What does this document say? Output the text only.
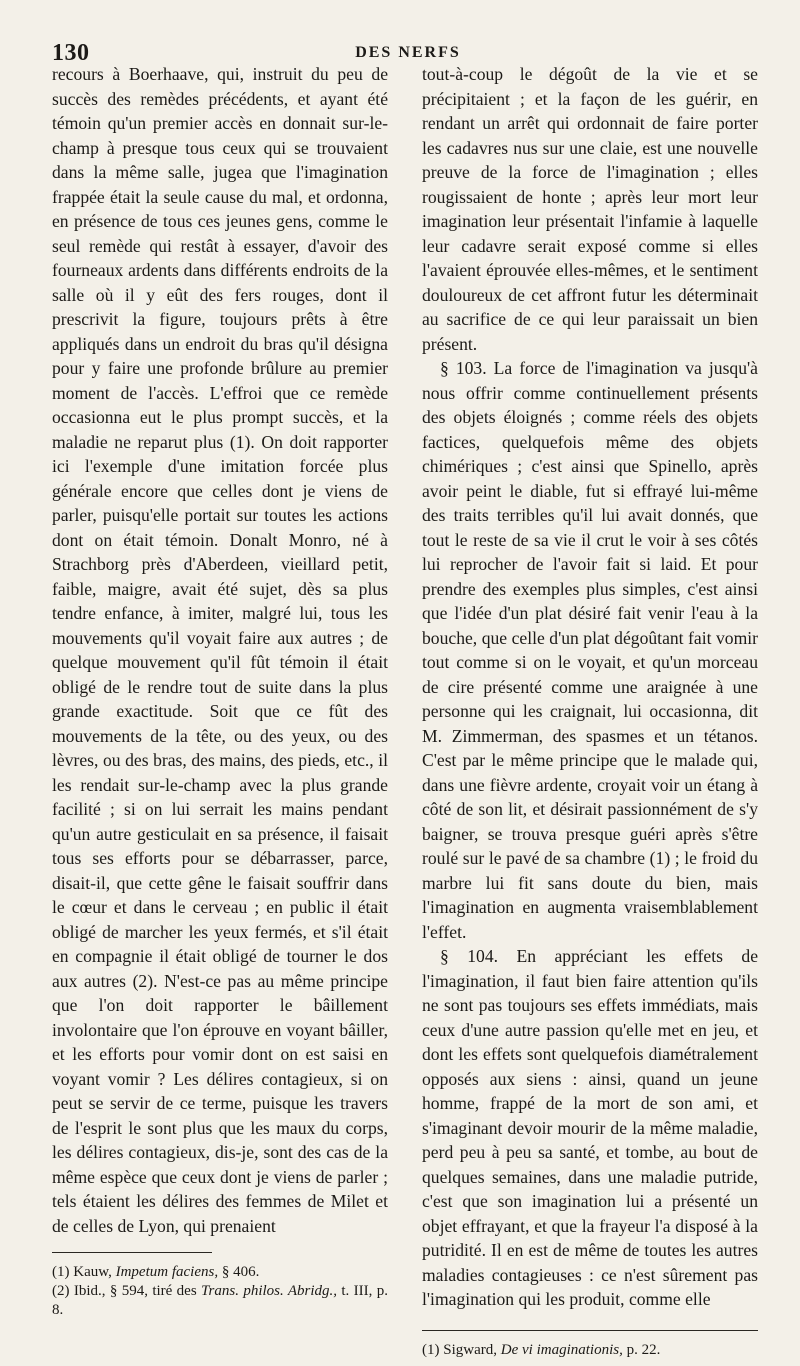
130	DES NERFS

recours à Boerhaave, qui, instruit du peu de succès des remèdes précédents, et ayant été témoin qu'un premier accès en donnait sur-le-champ à presque tous ceux qui se trouvaient dans la même salle, jugea que l'imagination frappée était la seule cause du mal, et ordonna, en présence de tous ces jeunes gens, comme le seul remède qui restât à essayer, d'avoir des fourneaux ardents dans différents endroits de la salle où il y eût des fers rouges, dont il prescrivit la figure, toujours prêts à être appliqués dans un endroit du bras qu'il désigna pour y faire une profonde brûlure au premier moment de l'accès. L'effroi que ce remède occasionna eut le plus prompt succès, et la maladie ne reparut plus (1). On doit rapporter ici l'exemple d'une imitation forcée plus générale encore que celles dont je viens de parler, puisqu'elle portait sur toutes les actions dont on était témoin. Donalt Monro, né à Strachborg près d'Aberdeen, vieillard petit, faible, maigre, avait été sujet, dès sa plus tendre enfance, à imiter, malgré lui, tous les mouvements qu'il voyait faire aux autres ; de quelque mouvement qu'il fût témoin il était obligé de le rendre tout de suite dans la plus grande exactitude. Soit que ce fût des mouvements de la tête, ou des yeux, ou des lèvres, ou des bras, des mains, des pieds, etc., il les rendait sur-le-champ avec la plus grande facilité ; si on lui serrait les mains pendant qu'un autre gesticulait en sa présence, il faisait tous ses efforts pour se débarrasser, parce, disait-il, que cette gêne le faisait souffrir dans le cœur et dans le cerveau ; en public il était obligé de marcher les yeux fermés, et s'il était en compagnie il était obligé de tourner le dos aux autres (2). N'est-ce pas au même principe que l'on doit rapporter le bâillement involontaire que l'on éprouve en voyant bâiller, et les efforts pour vomir dont on est saisi en voyant vomir ? Les délires contagieux, si on peut se servir de ce terme, puisque les travers de l'esprit le sont plus que les maux du corps, les délires contagieux, dis-je, sont des cas de la même espèce que ceux dont je viens de parler ; tels étaient les délires des femmes de Milet et de celles de Lyon, qui prenaient

(1) Kauw, Impetum faciens, § 406.

(2) Ibid., § 594, tiré des Trans. philos. Abridg., t. III, p. 8.

tout-à-coup le dégoût de la vie et se précipitaient ; et la façon de les guérir, en rendant un arrêt qui ordonnait de faire porter les cadavres nus sur une claie, est une nouvelle preuve de la force de l'imagination ; elles rougissaient de honte ; après leur mort leur imagination leur présentait l'infamie à laquelle leur cadavre serait exposé comme si elles l'avaient éprouvée elles-mêmes, et le sentiment douloureux de cet affront futur les déterminait au sacrifice de ce qui leur paraissait un bien présent.

§ 103. La force de l'imagination va jusqu'à nous offrir comme continuellement présents des objets éloignés ; comme réels des objets factices, quelquefois même des objets chimériques ; c'est ainsi que Spinello, après avoir peint le diable, fut si effrayé lui-même des traits terribles qu'il lui avait donnés, que tout le reste de sa vie il crut le voir à ses côtés lui reprocher de l'avoir fait si laid. Et pour prendre des exemples plus simples, c'est ainsi que l'idée d'un plat désiré fait venir l'eau à la bouche, que celle d'un plat dégoûtant fait vomir tout comme si on le voyait, et qu'un morceau de cire présenté comme une araignée à une personne qui les craignait, lui occasionna, dit M. Zimmerman, des spasmes et un tétanos. C'est par le même principe que le malade qui, dans une fièvre ardente, croyait voir un étang à côté de son lit, et désirait passionnément de s'y baigner, se trouva presque guéri après s'être roulé sur le pavé de sa chambre (1) ; le froid du marbre lui fit sans doute du bien, mais l'imagination en augmenta vraisemblablement l'effet.

§ 104. En appréciant les effets de l'imagination, il faut bien faire attention qu'ils ne sont pas toujours ses effets immédiats, mais ceux d'une autre passion qu'elle met en jeu, et dont les effets sont quelquefois diamétralement opposés aux siens : ainsi, quand un jeune homme, frappé de la mort de son ami, et s'imaginant devoir mourir de la même maladie, perd peu à peu sa santé, et tombe, au bout de quelques semaines, dans une maladie putride, c'est que son imagination lui a présenté un objet effrayant, et que la frayeur l'a disposé à la putridité. Il en est de même de toutes les autres maladies contagieuses : ce n'est sûrement pas l'imagination qui les produit, comme elle

(1) Sigward, De vi imaginationis, p. 22.
